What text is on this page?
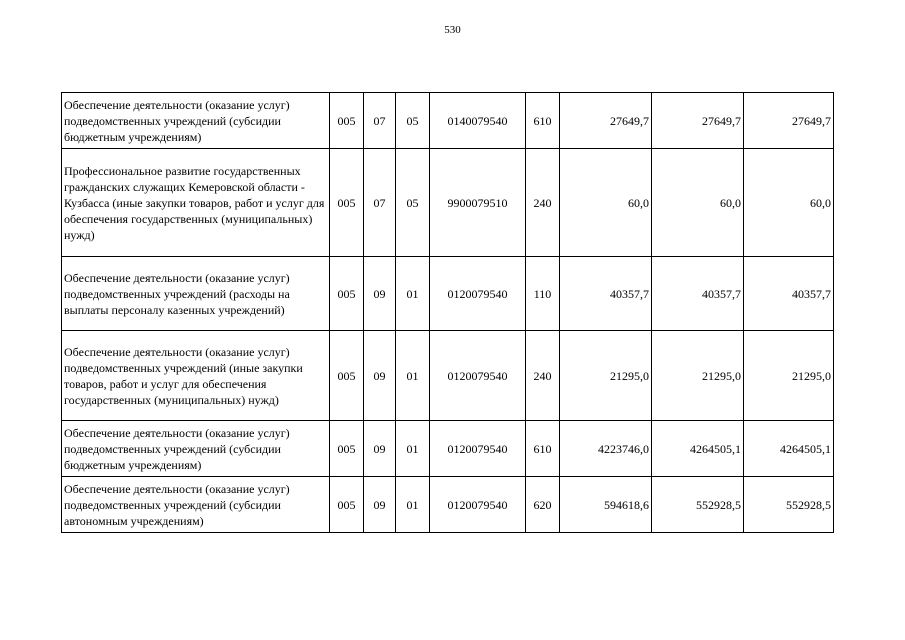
530
Обеспечение деятельности (оказание услуг) подведомственных учреждений (субсидии бюджетным учреждениям)	005	07	05	0140079540	610	27649,7	27649,7	27649,7
Профессиональное развитие государственных гражданских служащих Кемеровской области - Кузбасса (иные закупки товаров, работ и услуг для обеспечения государственных (муниципальных) нужд)	005	07	05	9900079510	240	60,0	60,0	60,0
Обеспечение деятельности (оказание услуг) подведомственных учреждений (расходы на выплаты персоналу казенных учреждений)	005	09	01	0120079540	110	40357,7	40357,7	40357,7
Обеспечение деятельности (оказание услуг) подведомственных учреждений (иные закупки товаров, работ и услуг для обеспечения государственных (муниципальных) нужд)	005	09	01	0120079540	240	21295,0	21295,0	21295,0
Обеспечение деятельности (оказание услуг) подведомственных учреждений (субсидии бюджетным учреждениям)	005	09	01	0120079540	610	4223746,0	4264505,1	4264505,1
Обеспечение деятельности (оказание услуг) подведомственных учреждений (субсидии автономным учреждениям)	005	09	01	0120079540	620	594618,6	552928,5	552928,5
